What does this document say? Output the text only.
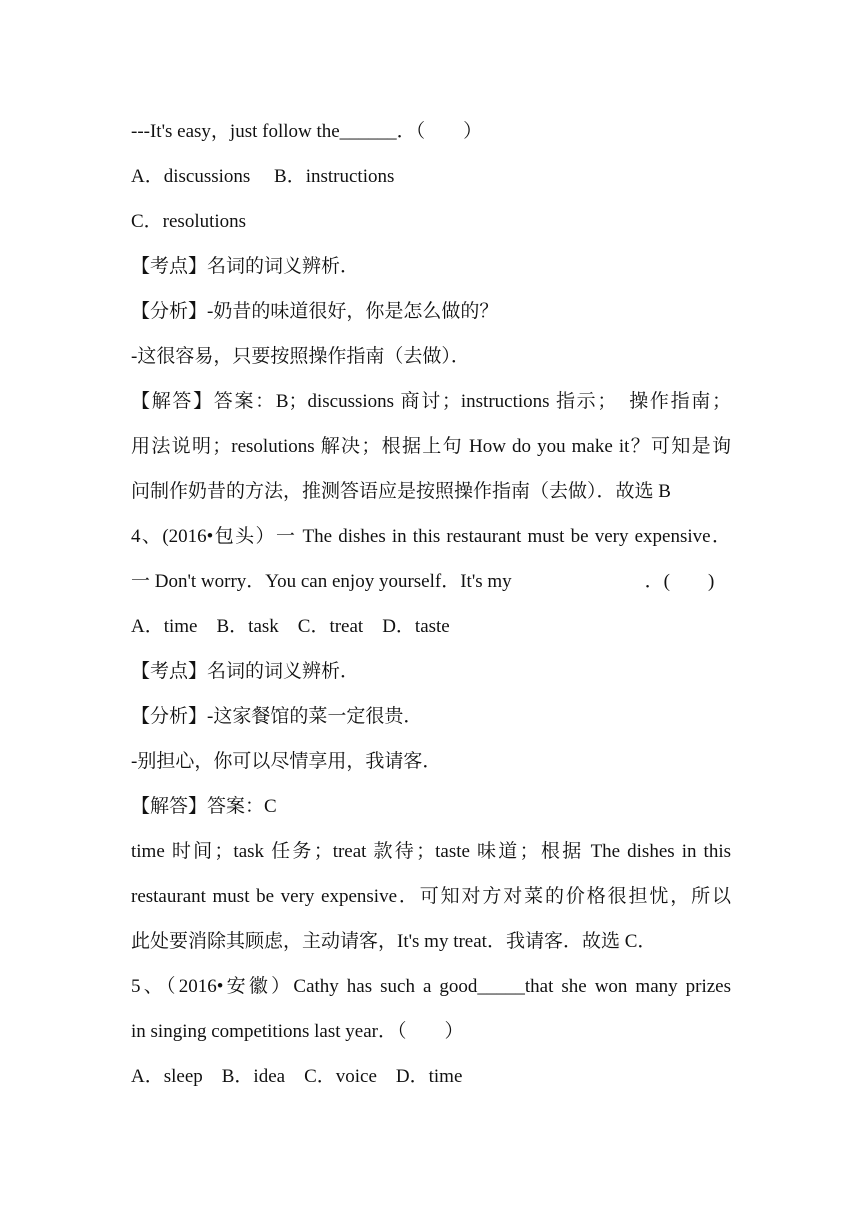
---It's easy，just follow the______．（　　）
A．discussions　 B．instructions
C．resolutions
【考点】名词的词义辨析．
【分析】-奶昔的味道很好，你是怎么做的？
-这很容易，只要按照操作指南（去做）．
【解答】答案：B；discussions 商讨；instructions 指示；　操作指南；
用法说明；resolutions 解决；根据上句 How do you make it？可知是询
问制作奶昔的方法，推测答语应是按照操作指南（去做）．故选 B
4、(2016•包头）一 The dishes in this restaurant must be very expensive．
一 Don't worry．You can enjoy yourself．It's my　　　　　　　．(　　)
A．time　B．task　C．treat　D．taste
【考点】名词的词义辨析．
【分析】-这家餐馆的菜一定很贵．
-别担心，你可以尽情享用，我请客．
【解答】答案：C
time 时间；task 任务；treat 款待；taste 味道；根据 The dishes in this
restaurant must be very expensive．可知对方对菜的价格很担忧，所以
此处要消除其顾虑，主动请客，It's my treat．我请客．故选 C．
5、（2016•安徽）Cathy has such a good_____that she won many prizes
in singing competitions last year．（　　）
A．sleep　B．idea　C．voice　D．time
